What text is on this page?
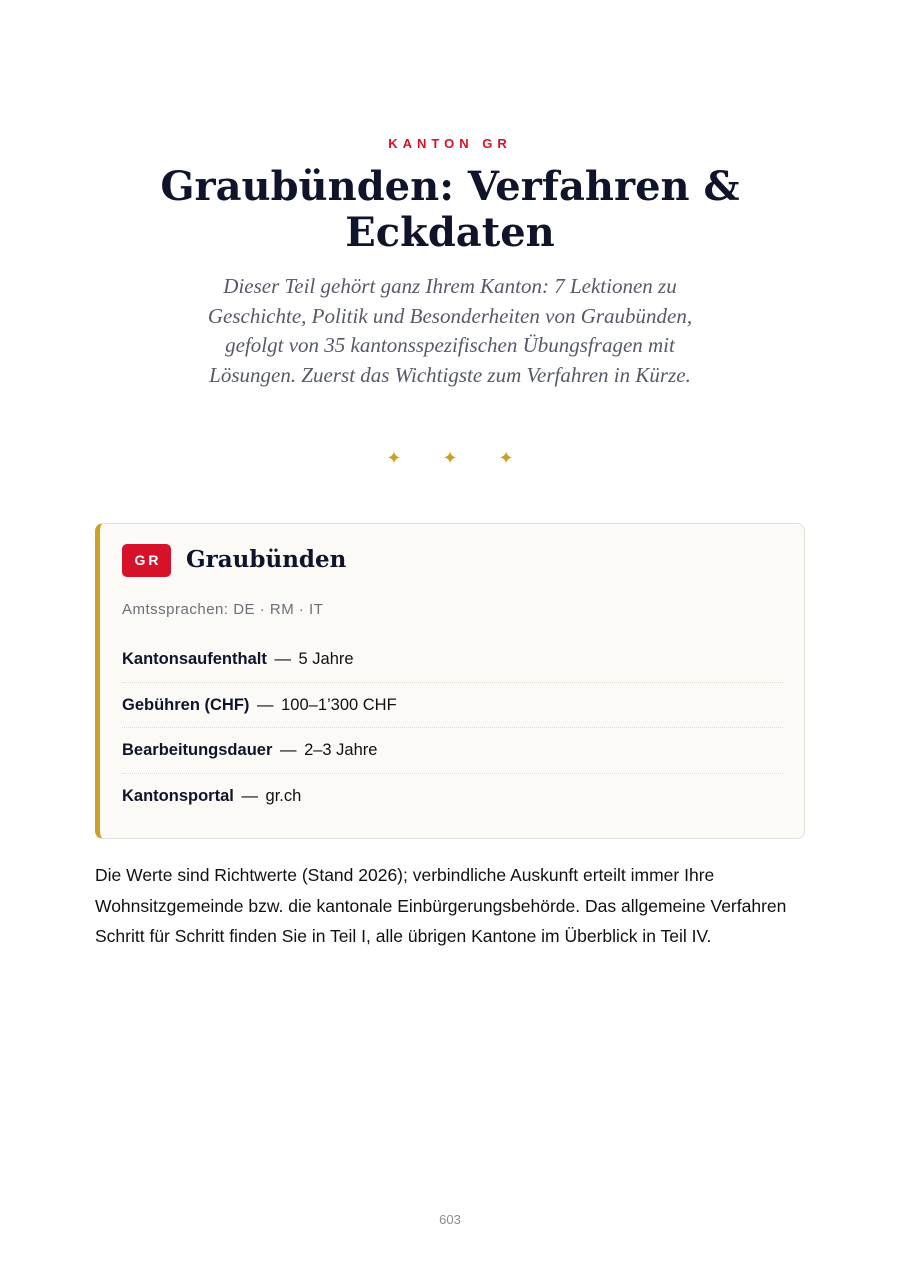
KANTON GR
Graubünden: Verfahren & Eckdaten

Dieser Teil gehört ganz Ihrem Kanton: 7 Lektionen zu Geschichte, Politik und Besonderheiten von Graubünden, gefolgt von 35 kantonsspezifischen Übungsfragen mit Lösungen. Zuerst das Wichtigste zum Verfahren in Kürze.

✦ ✦ ✦
GR	Graubünden
Amtssprachen: DE · RM · IT
Kantonsaufenthalt — 5 Jahre
Gebühren (CHF) — 100–1’300 CHF
Bearbeitungsdauer — 2–3 Jahre
Kantonsportal — gr.ch

Die Werte sind Richtwerte (Stand 2026); verbindliche Auskunft erteilt immer Ihre Wohnsitzgemeinde bzw. die kantonale Einbürgerungsbehörde. Das allgemeine Verfahren Schritt für Schritt finden Sie in Teil I, alle übrigen Kantone im Überblick in Teil IV.

603
